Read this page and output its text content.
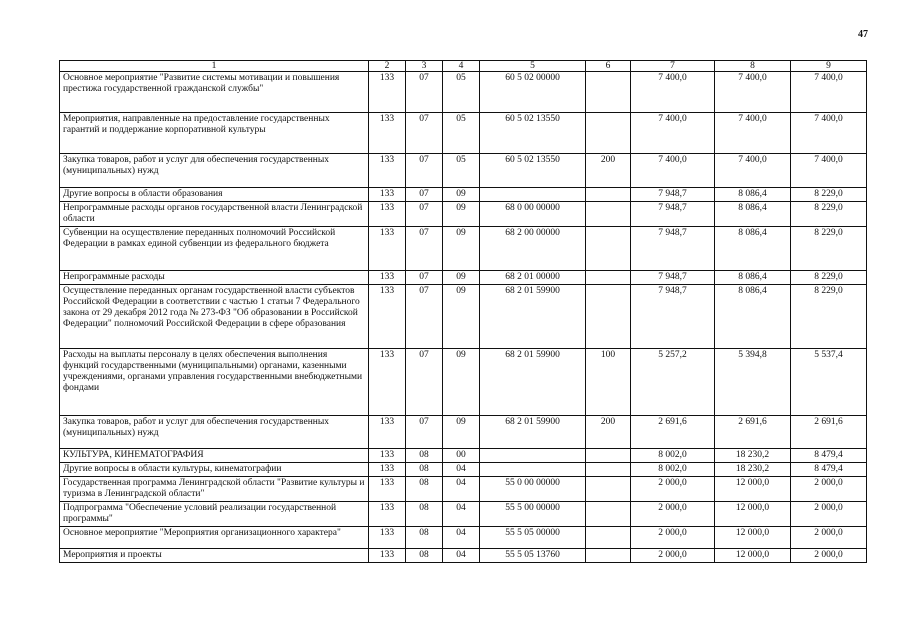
47
1	2	3	4	5	6	7	8	9
Основное мероприятие "Развитие системы мотивации и повышения престижа государственной гражданской службы"	133	07	05	60 5 02 00000		7 400,0	7 400,0	7 400,0
Мероприятия, направленные на предоставление государственных гарантий и поддержание корпоративной культуры	133	07	05	60 5 02 13550		7 400,0	7 400,0	7 400,0
Закупка товаров, работ и услуг для обеспечения государственных (муниципальных) нужд	133	07	05	60 5 02 13550	200	7 400,0	7 400,0	7 400,0
Другие вопросы в области образования	133	07	09			7 948,7	8 086,4	8 229,0
Непрограммные расходы органов государственной власти Ленинградской области	133	07	09	68 0 00 00000		7 948,7	8 086,4	8 229,0
Субвенции на осуществление переданных полномочий Российской Федерации в рамках единой субвенции из федерального бюджета	133	07	09	68 2 00 00000		7 948,7	8 086,4	8 229,0
Непрограммные расходы	133	07	09	68 2 01 00000		7 948,7	8 086,4	8 229,0
Осуществление переданных органам государственной власти субъектов Российской Федерации в соответствии с частью 1 статьи 7 Федерального закона от 29 декабря 2012 года № 273-ФЗ "Об образовании в Российской Федерации" полномочий Российской Федерации в сфере образования	133	07	09	68 2 01 59900		7 948,7	8 086,4	8 229,0
Расходы на выплаты персоналу в целях обеспечения выполнения функций государственными (муниципальными) органами, казенными учреждениями, органами управления государственными внебюджетными фондами	133	07	09	68 2 01 59900	100	5 257,2	5 394,8	5 537,4
Закупка товаров, работ и услуг для обеспечения государственных (муниципальных) нужд	133	07	09	68 2 01 59900	200	2 691,6	2 691,6	2 691,6
КУЛЬТУРА, КИНЕМАТОГРАФИЯ	133	08	00			8 002,0	18 230,2	8 479,4
Другие вопросы в области культуры, кинематографии	133	08	04			8 002,0	18 230,2	8 479,4
Государственная программа Ленинградской области "Развитие культуры и туризма в Ленинградской области"	133	08	04	55 0 00 00000		2 000,0	12 000,0	2 000,0
Подпрограмма "Обеспечение условий реализации государственной программы"	133	08	04	55 5 00 00000		2 000,0	12 000,0	2 000,0
Основное мероприятие "Мероприятия организационного характера"	133	08	04	55 5 05 00000		2 000,0	12 000,0	2 000,0
Мероприятия и проекты	133	08	04	55 5 05 13760		2 000,0	12 000,0	2 000,0
